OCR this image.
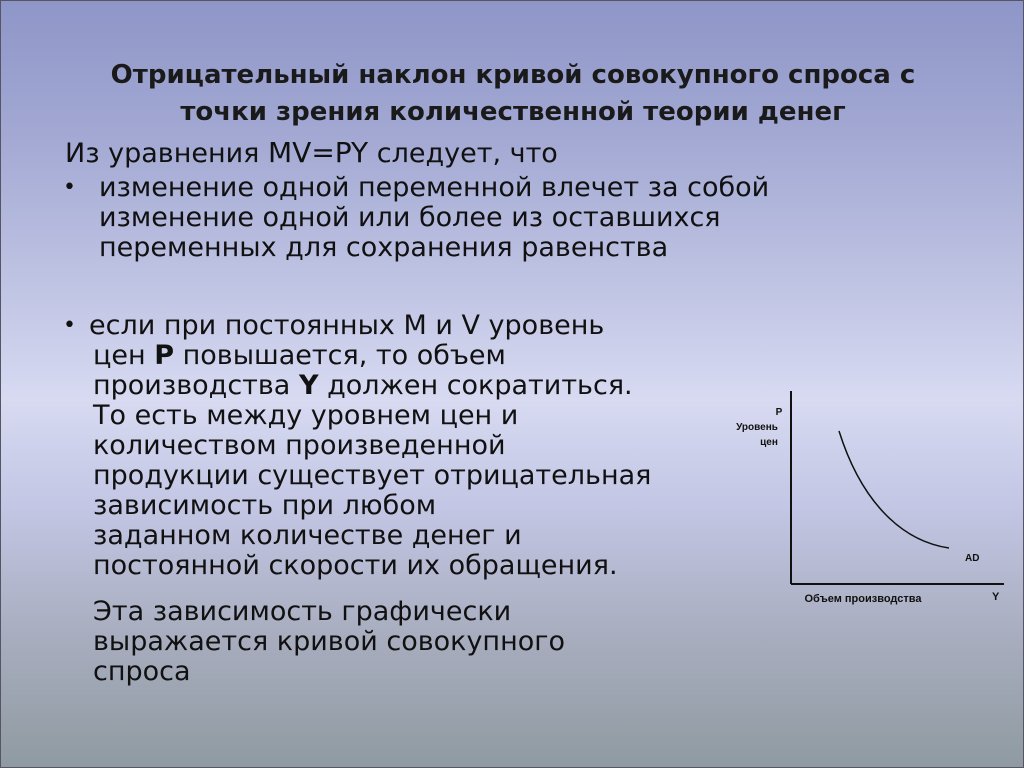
Отрицательный наклон кривой совокупного спроса с
точки зрения количественной теории денег
Из уравнения MV=PY следует, что
• изменение одной переменной влечет за собой
изменение одной или более из оставшихся
переменных для сохранения равенства
• если при постоянных M и V уровень
цен P повышается, то объем
производства Y должен сократиться.
То есть между уровнем цен и
количеством произведенной
продукции существует отрицательная
зависимость при любом
заданном количестве денег и
постоянной скорости их обращения.
Эта зависимость графически
выражается кривой совокупного
спроса
P
Уровень
цен
AD
Объем производства	Y
